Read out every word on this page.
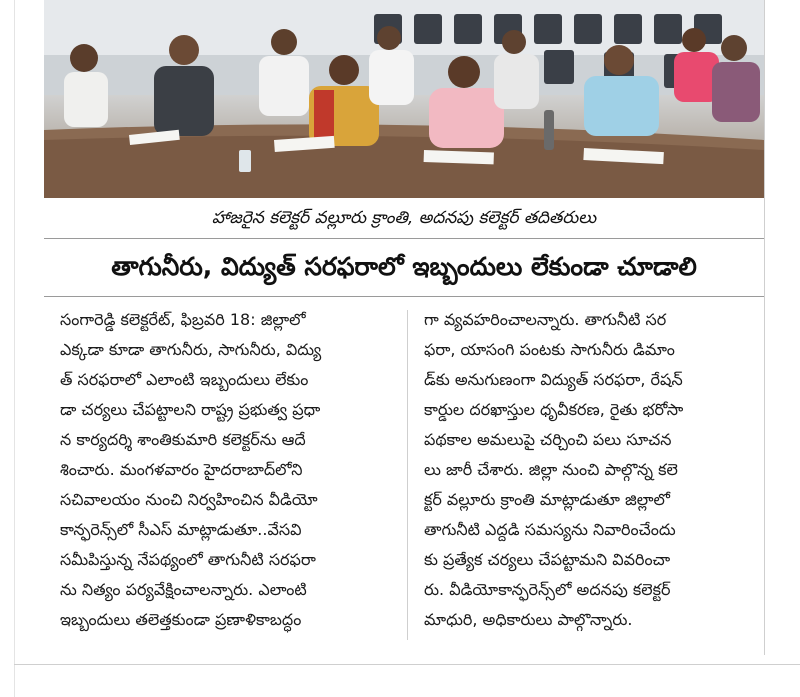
హాజరైన కలెక్టర్ వల్లూరు క్రాంతి, అదనపు కలెక్టర్ తదితరులు
తాగునీరు, విద్యుత్ సరఫరాలో ఇబ్బందులు లేకుండా చూడాలి
సంగారెడ్డి కలెక్టరేట్, ఫిబ్రవరి 18: జిల్లాలో
ఎక్కడా కూడా తాగునీరు, సాగునీరు, విద్యు
త్ సరఫరాలో ఎలాంటి ఇబ్బందులు లేకుం
డా చర్యలు చేపట్టాలని రాష్ట్ర ప్రభుత్వ ప్రధా
న కార్యదర్శి శాంతికుమారి కలెక్టర్‌ను ఆదే
శించారు. మంగళవారం హైదరాబాద్‌లోని
సచివాలయం నుంచి నిర్వహించిన వీడియో
కాన్ఫరెన్స్‌లో సీఎస్ మాట్లాడుతూ..వేసవి
సమీపిస్తున్న నేపథ్యంలో తాగునీటి సరఫరా
ను నిత్యం పర్యవేక్షించాలన్నారు. ఎలాంటి
ఇబ్బందులు తలెత్తకుండా ప్రణాళికాబద్ధం
గా వ్యవహరించాలన్నారు. తాగునీటి సర
ఫరా, యాసంగి పంటకు సాగునీరు డిమాం
డ్‌కు అనుగుణంగా విద్యుత్ సరఫరా, రేషన్
కార్డుల దరఖాస్తుల ధృవీకరణ, రైతు భరోసా
పథకాల అమలుపై చర్చించి పలు సూచన
లు జారీ చేశారు. జిల్లా నుంచి పాల్గొన్న కలె
క్టర్ వల్లూరు క్రాంతి మాట్లాడుతూ జిల్లాలో
తాగునీటి ఎద్దడి సమస్యను నివారించేందు
కు ప్రత్యేక చర్యలు చేపట్టామని వివరించా
రు. వీడియోకాన్ఫరెన్స్‌లో అదనపు కలెక్టర్
మాధురి, అధికారులు పాల్గొన్నారు.
